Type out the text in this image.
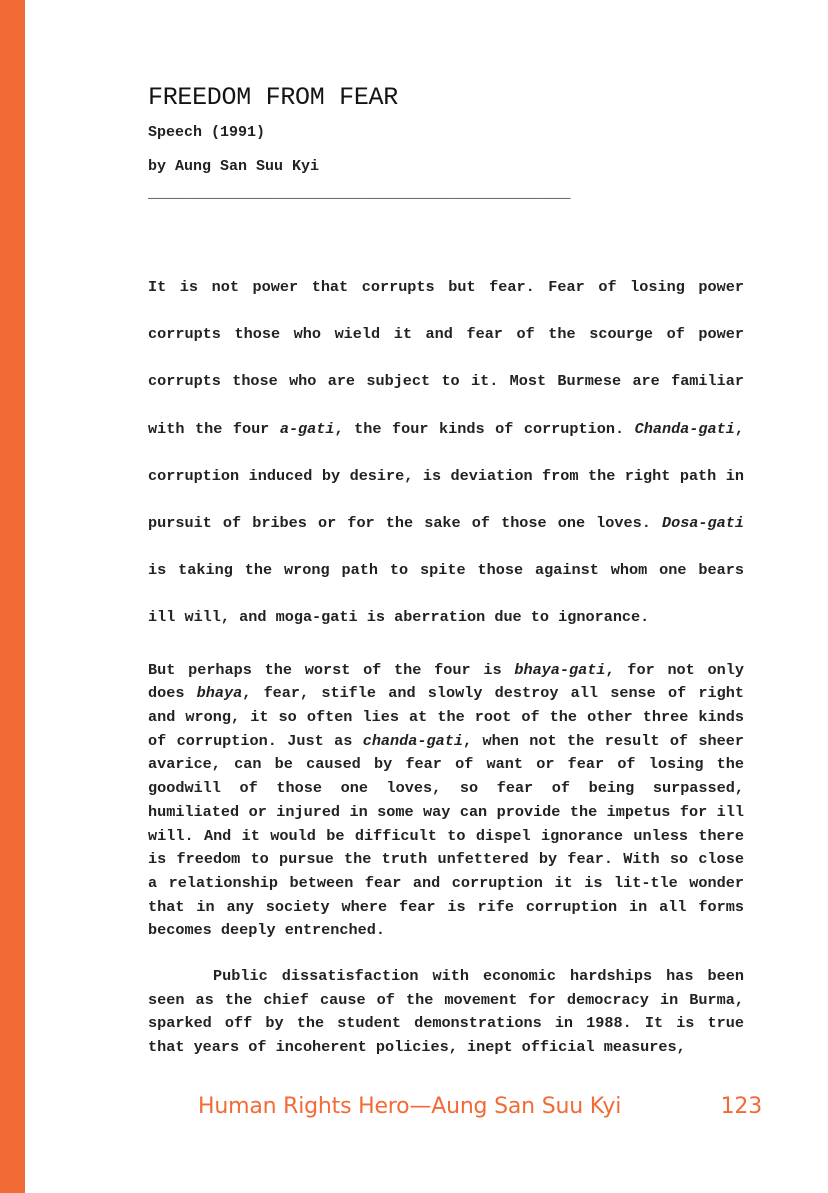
FREEDOM FROM FEAR
Speech (1991)
by Aung San Suu Kyi
________________________________________________

It is not power that corrupts but fear. Fear of losing power corrupts those who wield it and fear of the scourge of power corrupts those who are subject to it. Most Burmese are familiar with the four a-gati, the four kinds of corruption. Chanda-gati, corruption induced by desire, is deviation from the right path in pursuit of bribes or for the sake of those one loves. Dosa-gati is taking the wrong path to spite those against whom one bears ill will, and moga-gati is aberration due to ignorance.

But perhaps the worst of the four is bhaya-gati, for not only does bhaya, fear, stifle and slowly destroy all sense of right and wrong, it so often lies at the root of the other three kinds of corruption. Just as chanda-gati, when not the result of sheer avarice, can be caused by fear of want or fear of losing the goodwill of those one loves, so fear of being surpassed, humiliated or injured in some way can provide the impetus for ill will. And it would be difficult to dispel ignorance unless there is freedom to pursue the truth unfettered by fear. With so close a relationship between fear and corruption it is lit-tle wonder that in any society where fear is rife corruption in all forms becomes deeply entrenched.

Public dissatisfaction with economic hardships has been seen as the chief cause of the movement for democracy in Burma, sparked off by the student demonstrations in 1988. It is true that years of incoherent policies, inept official measures,

Human Rights Hero—Aung San Suu Kyi	123
